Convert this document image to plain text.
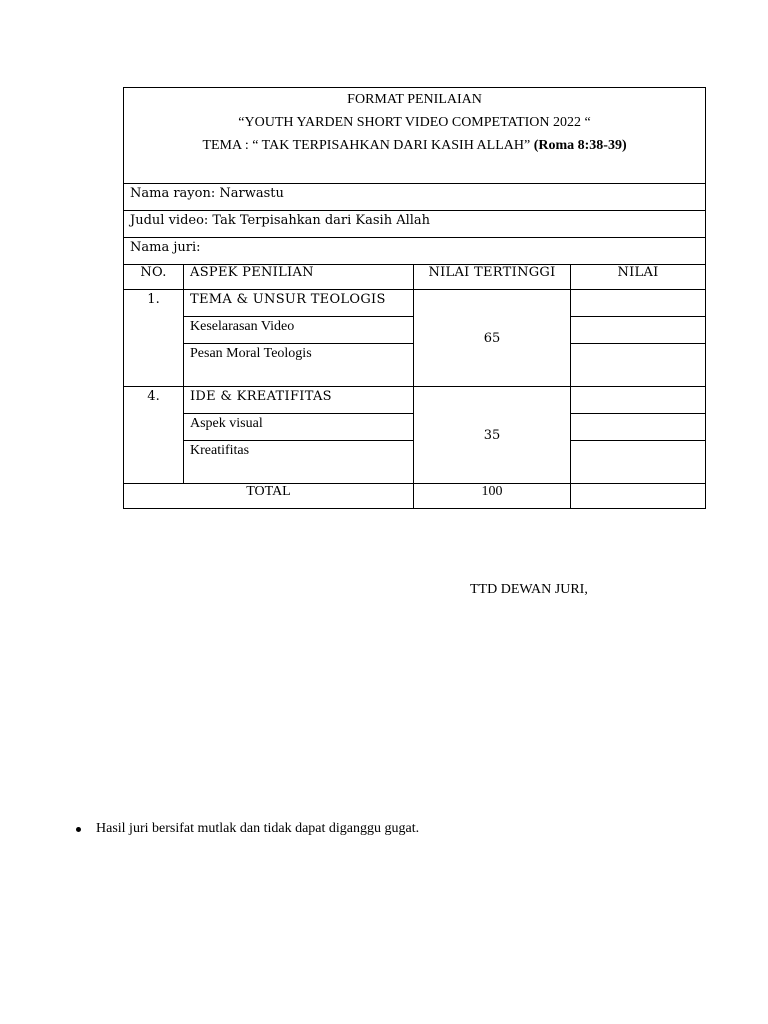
FORMAT PENILAIAN
“YOUTH YARDEN SHORT VIDEO COMPETATION 2022 “
TEMA : “ TAK TERPISAHKAN DARI KASIH ALLAH” (Roma 8:38-39)			

Nama rayon: Narwastu			
Judul video: Tak Terpisahkan dari Kasih Allah			
Nama juri:			
NO.	ASPEK PENILIAN	NILAI TERTINGGI	NILAI
1.	TEMA & UNSUR TEOLOGIS	65	
	Keselarasan Video		
	Pesan Moral Teologis		
4.	IDE & KREATIFITAS	35	
	Aspek visual		
	Kreatifitas		
TOTAL		100	
TTD DEWAN JURI,
Hasil juri bersifat mutlak dan tidak dapat diganggu gugat.
